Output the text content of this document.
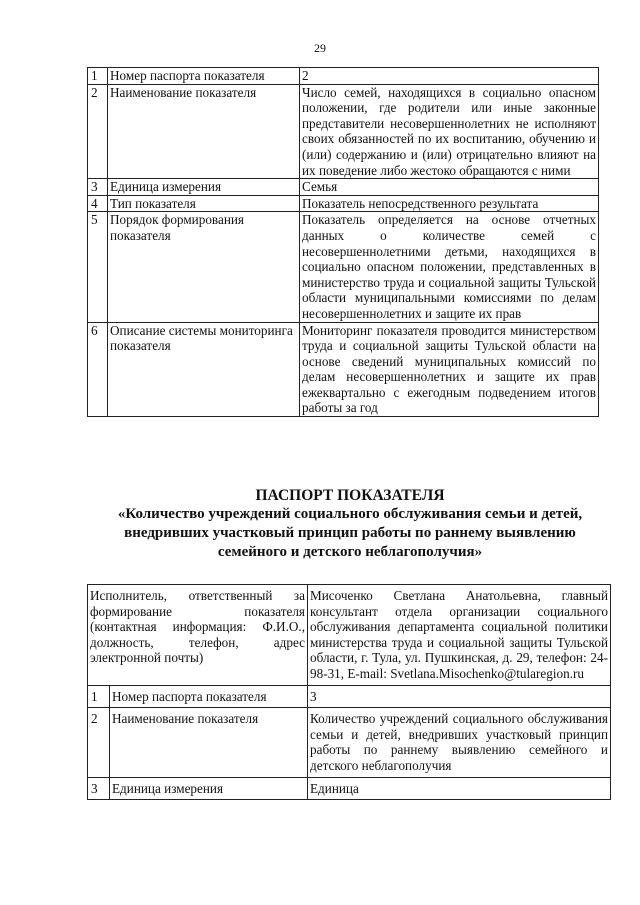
29
1	Номер паспорта показателя	2
2	Наименование показателя	Число семей, находящихся в социально опасном положении, где родители или иные законные представители несовершеннолетних не исполняют своих обязанностей по их воспитанию, обучению и (или) содержанию и (или) отрицательно влияют на их поведение либо жестоко обращаются с ними
3	Единица измерения	Семья
4	Тип показателя	Показатель непосредственного результата
5	Порядок формирования показателя	Показатель определяется на основе отчетных данных о количестве семей с несовершеннолетними детьми, находящихся в социально опасном положении, представленных в министерство труда и социальной защиты Тульской области муниципальными комиссиями по делам несовершеннолетних и защите их прав
6	Описание системы мониторинга показателя	Мониторинг показателя проводится министерством труда и социальной защиты Тульской области на основе сведений муниципальных комиссий по делам несовершеннолетних и защите их прав ежеквартально с ежегодным подведением итогов работы за год
ПАСПОРТ ПОКАЗАТЕЛЯ
«Количество учреждений социального обслуживания семьи и детей,
внедривших участковый принцип работы по раннему выявлению
семейного и детского неблагополучия»
Исполнитель, ответственный за формирование показателя (контактная информация: Ф.И.О., должность, телефон, адрес электронной почты)		Мисоченко Светлана Анатольевна, главный консультант отдела организации социального обслуживания департамента социальной политики министерства труда и социальной защиты Тульской области, г. Тула, ул. Пушкинская, д. 29, телефон: 24-98-31, E-mail: Svetlana.Misochenko@tularegion.ru
1	Номер паспорта показателя	3
2	Наименование показателя	Количество учреждений социального обслуживания семьи и детей, внедривших участковый принцип работы по раннему выявлению семейного и детского неблагополучия
3	Единица измерения	Единица
